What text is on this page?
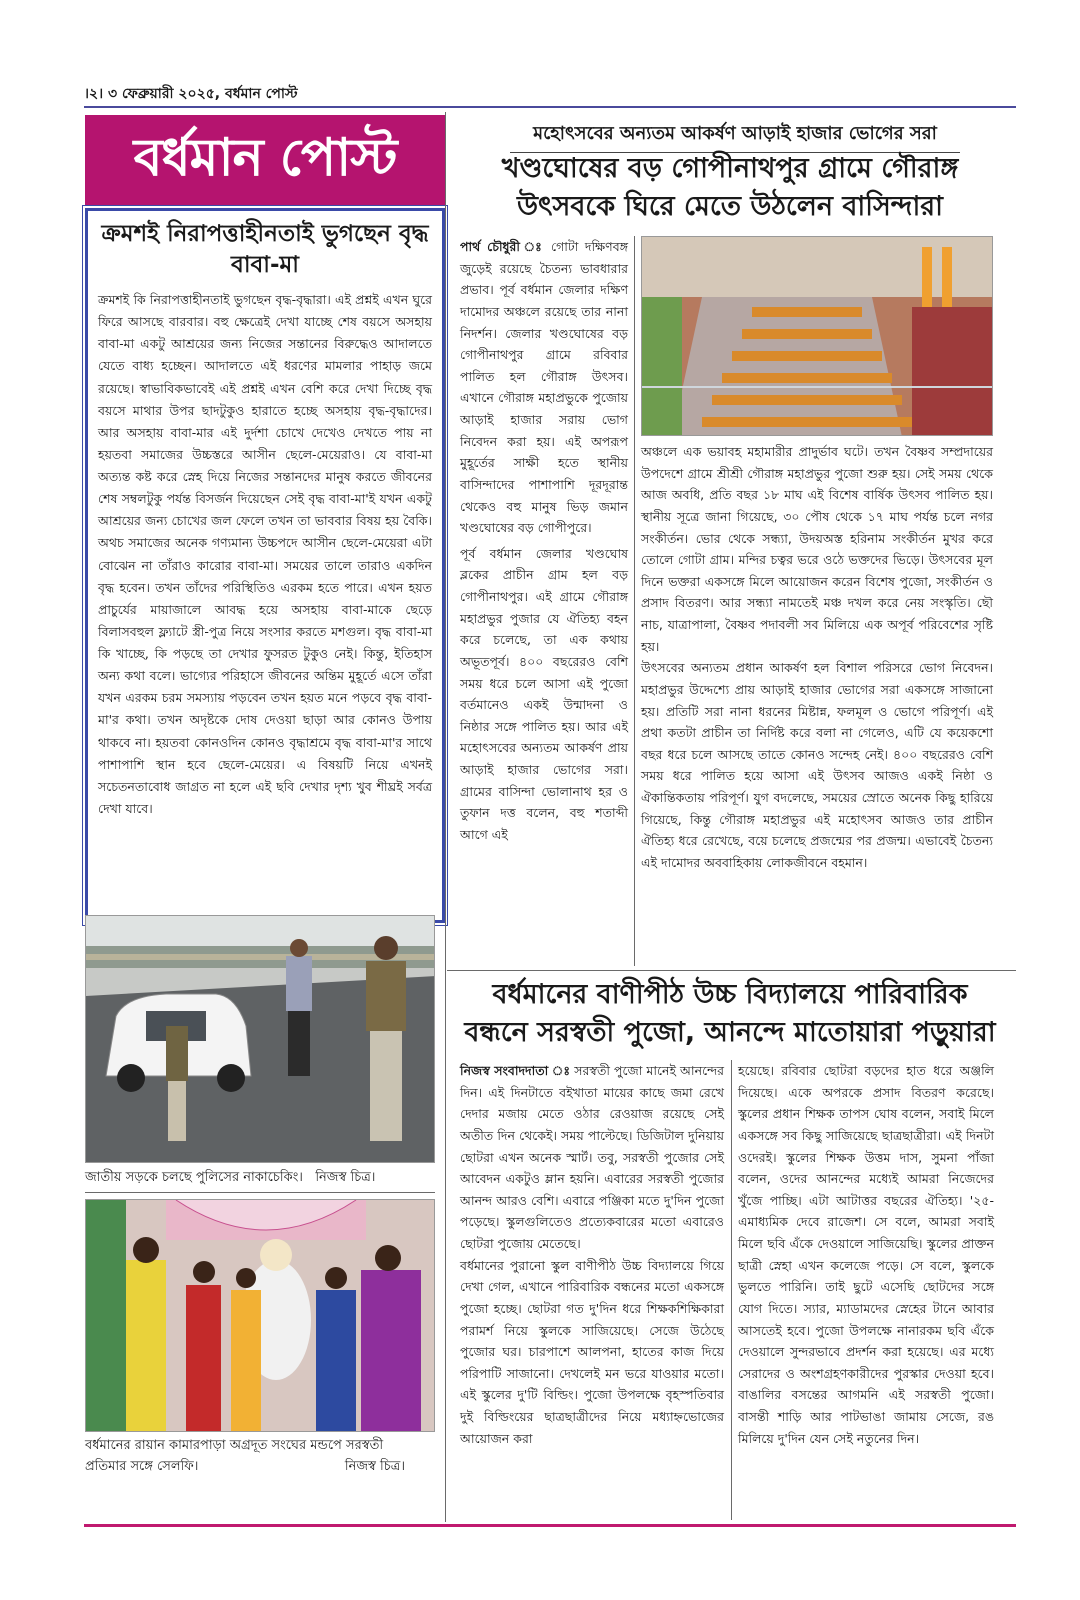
।২। ৩ ফেব্রুয়ারী ২০২৫, বর্ধমান পোস্ট
বর্ধমান পোস্ট
ক্রমশই নিরাপত্তাহীনতাই ভুগছেন বৃদ্ধ বাবা-মা

ক্রমশই কি নিরাপত্তাহীনতাই ভুগছেন বৃদ্ধ-বৃদ্ধারা। এই প্রশ্নই এখন ঘুরে ফিরে আসছে বারবার। বহু ক্ষেত্রেই দেখা যাচ্ছে শেষ বয়সে অসহায় বাবা-মা একটু আশ্রয়ের জন্য নিজের সন্তানের বিরুদ্ধেও আদালতে যেতে বাধ্য হচ্ছেন। আদালতে এই ধরণের মামলার পাহাড় জমে রয়েছে। স্বাভাবিকভাবেই এই প্রশ্নই এখন বেশি করে দেখা দিচ্ছে বৃদ্ধ বয়সে মাথার উপর ছাদটুকুও হারাতে হচ্ছে অসহায় বৃদ্ধ-বৃদ্ধাদের। আর অসহায় বাবা-মার এই দুর্দশা চোখে দেখেও দেখতে পায় না হয়তবা সমাজের উচ্চস্তরে আসীন ছেলে-মেয়েরাও। যে বাবা-মা অত্যন্ত কষ্ট করে স্নেহ দিয়ে নিজের সন্তানদের মানুষ করতে জীবনের শেষ সম্বলটুকু পর্যন্ত বিসর্জন দিয়েছেন সেই বৃদ্ধ বাবা-মা'ই যখন একটু আশ্রয়ের জন্য চোখের জল ফেলে তখন তা ভাববার বিষয় হয় বৈকি। অথচ সমাজের অনেক গণ্যমান্য উচ্চপদে আসীন ছেলে-মেয়েরা এটা বোঝেন না তাঁরাও কারোর বাবা-মা। সময়ের তালে তারাও একদিন বৃদ্ধ হবেন। তখন তাঁদের পরিস্থিতিও এরকম হতে পারে। এখন হয়ত প্রাচুর্যের মায়াজালে আবদ্ধ হয়ে অসহায় বাবা-মাকে ছেড়ে বিলাসবহুল ফ্ল্যাটে স্ত্রী-পুত্র নিয়ে সংসার করতে মশগুল। বৃদ্ধ বাবা-মা কি খাচ্ছে, কি পড়ছে তা দেখার ফুসরত টুকুও নেই। কিন্তু, ইতিহাস অন্য কথা বলে। ভাগ্যের পরিহাসে জীবনের অন্তিম মুহূর্তে এসে তাঁরা যখন এরকম চরম সমস্যায় পড়বেন তখন হয়ত মনে পড়বে বৃদ্ধ বাবা-মা'র কথা। তখন অদৃষ্টকে দোষ দেওয়া ছাড়া আর কোনও উপায় থাকবে না। হয়তবা কোনওদিন কোনও বৃদ্ধাশ্রমে বৃদ্ধ বাবা-মা'র সাথে পাশাপাশি স্থান হবে ছেলে-মেয়ের। এ বিষয়টি নিয়ে এখনই সচেতনতাবোধ জাগ্রত না হলে এই ছবি দেখার দৃশ্য খুব শীঘ্রই সর্বত্র দেখা যাবে।

জাতীয় সড়কে চলছে পুলিসের নাকাচেকিং।   নিজস্ব চিত্র।
বর্ধমানের রায়ান কামারপাড়া অগ্রদূত সংঘের মন্ডপে সরস্বতী
প্রতিমার সঙ্গে সেলফি।	নিজস্ব চিত্র।
মহোৎসবের অন্যতম আকর্ষণ আড়াই হাজার ভোগের সরা
খণ্ডঘোষের বড় গোপীনাথপুর গ্রামে গৌরাঙ্গ
উৎসবকে ঘিরে মেতে উঠলেন বাসিন্দারা
পার্থ চৌধুরী ঃ গোটা দক্ষিণবঙ্গ জুড়েই রয়েছে চৈতন্য ভাবধারার প্রভাব। পূর্ব বর্ধমান জেলার দক্ষিণ দামোদর অঞ্চলে রয়েছে তার নানা নিদর্শন। জেলার খণ্ডঘোষের বড় গোপীনাথপুর গ্রামে রবিবার পালিত হল গৌরাঙ্গ উৎসব। এখানে গৌরাঙ্গ মহাপ্রভুকে পুজোয় আড়াই হাজার সরায় ভোগ নিবেদন করা হয়। এই অপরূপ মুহূর্তের সাক্ষী হতে স্থানীয় বাসিন্দাদের পাশাপাশি দূরদূরান্ত থেকেও বহু মানুষ ভিড় জমান খণ্ডঘোষের বড় গোপীপুরে।
পূর্ব বর্ধমান জেলার খণ্ডঘোষ ব্লকের প্রাচীন গ্রাম হল বড় গোপীনাথপুর। এই গ্রামে গৌরাঙ্গ মহাপ্রভুর পুজার যে ঐতিহ্য বহন করে চলেছে, তা এক কথায় অভূতপূর্ব। ৪০০ বছরেরও বেশি সময় ধরে চলে আসা এই পুজো বর্তমানেও একই উন্মাদনা ও নিষ্ঠার সঙ্গে পালিত হয়। আর এই মহোৎসবের অন্যতম আকর্ষণ প্রায় আড়াই হাজার ভোগের সরা। গ্রামের বাসিন্দা ভোলানাথ হর ও তুফান দত্ত বলেন, বহু শতাব্দী আগে এই
অঞ্চলে এক ভয়াবহ মহামারীর প্রাদুর্ভাব ঘটে। তখন বৈষ্ণব সম্প্রদায়ের উপদেশে গ্রামে শ্রীশ্রী গৌরাঙ্গ মহাপ্রভুর পুজো শুরু হয়। সেই সময় থেকে আজ অবধি, প্রতি বছর ১৮ মাঘ এই বিশেষ বার্ষিক উৎসব পালিত হয়। স্থানীয় সূত্রে জানা গিয়েছে, ৩০ পৌষ থেকে ১৭ মাঘ পর্যন্ত চলে নগর সংকীর্তন। ভোর থেকে সন্ধ্যা, উদয়অস্ত হরিনাম সংকীর্তন মুখর করে তোলে গোটা গ্রাম। মন্দির চত্বর ভরে ওঠে ভক্তদের ভিড়ে। উৎসবের মূল দিনে ভক্তরা একসঙ্গে মিলে আয়োজন করেন বিশেষ পুজো, সংকীর্তন ও প্রসাদ বিতরণ। আর সন্ধ্যা নামতেই মঞ্চ দখল করে নেয় সংস্কৃতি। ছৌ নাচ, যাত্রাপালা, বৈষ্ণব পদাবলী সব মিলিয়ে এক অপূর্ব পরিবেশের সৃষ্টি হয়।
উৎসবের অন্যতম প্রধান আকর্ষণ হল বিশাল পরিসরে ভোগ নিবেদন। মহাপ্রভুর উদ্দেশ্যে প্রায় আড়াই হাজার ভোগের সরা একসঙ্গে সাজানো হয়। প্রতিটি সরা নানা ধরনের মিষ্টান্ন, ফলমূল ও ভোগে পরিপূর্ণ। এই প্রথা কতটা প্রাচীন তা নির্দিষ্ট করে বলা না গেলেও, এটি যে কয়েকশো বছর ধরে চলে আসছে তাতে কোনও সন্দেহ নেই। ৪০০ বছরেরও বেশি সময় ধরে পালিত হয়ে আসা এই উৎসব আজও একই নিষ্ঠা ও ঐকান্তিকতায় পরিপূর্ণ। যুগ বদলেছে, সময়ের স্রোতে অনেক কিছু হারিয়ে গিয়েছে, কিন্তু গৌরাঙ্গ মহাপ্রভুর এই মহোৎসব আজও তার প্রাচীন ঐতিহ্য ধরে রেখেছে, বয়ে চলেছে প্রজন্মের পর প্রজন্ম। এভাবেই চৈতন্য এই দামোদর অববাহিকায় লোকজীবনে বহমান।
বর্ধমানের বাণীপীঠ উচ্চ বিদ্যালয়ে পারিবারিক
বন্ধনে সরস্বতী পুজো, আনন্দে মাতোয়ারা পড়ুয়ারা
নিজস্ব সংবাদদাতা ঃ সরস্বতী পুজো মানেই আনন্দের দিন। এই দিনটাতে বইখাতা মায়ের কাছে জমা রেখে দেদার মজায় মেতে ওঠার রেওয়াজ রয়েছে সেই অতীত দিন থেকেই। সময় পাল্টেছে। ডিজিটাল দুনিয়ায় ছোটরা এখন অনেক স্মার্ট। তবু, সরস্বতী পুজোর সেই আবেদন একটুও ম্লান হয়নি। এবারের সরস্বতী পুজোর আনন্দ আরও বেশি। এবারে পঞ্জিকা মতে দু'দিন পুজো পড়েছে। স্কুলগুলিতেও প্রত্যেকবারের মতো এবারেও ছোটরা পুজোয় মেতেছে।
বর্ধমানের পুরানো স্কুল বাণীপীঠ উচ্চ বিদ্যালয়ে গিয়ে দেখা গেল, এখানে পারিবারিক বন্ধনের মতো একসঙ্গে পুজো হচ্ছে। ছোটরা গত দু'দিন ধরে শিক্ষকশিক্ষিকারা পরামর্শ নিয়ে স্কুলকে সাজিয়েছে। সেজে উঠেছে পুজোর ঘর। চারপাশে আলপনা, হাতের কাজ দিয়ে পরিপাটি সাজানো। দেখলেই মন ভরে যাওয়ার মতো। এই স্কুলের দু'টি বিল্ডিং। পুজো উপলক্ষে বৃহস্পতিবার দুই বিল্ডিংয়ের ছাত্রছাত্রীদের নিয়ে মধ্যাহ্নভোজের আয়োজন করা
হয়েছে। রবিবার ছোটরা বড়দের হাত ধরে অঞ্জলি দিয়েছে। একে অপরকে প্রসাদ বিতরণ করেছে। স্কুলের প্রধান শিক্ষক তাপস ঘোষ বলেন, সবাই মিলে একসঙ্গে সব কিছু সাজিয়েছে ছাত্রছাত্রীরা। এই দিনটা ওদেরই। স্কুলের শিক্ষক উত্তম দাস, সুমনা পাঁজা বলেন, ওদের আনন্দের মধ্যেই আমরা নিজেদের খুঁজে পাচ্ছি। এটা আটাত্তর বছরের ঐতিহ্য। '২৫-এমাধ্যমিক দেবে রাজেশ। সে বলে, আমরা সবাই মিলে ছবি এঁকে দেওয়ালে সাজিয়েছি। স্কুলের প্রাক্তন ছাত্রী স্নেহা এখন কলেজে পড়ে। সে বলে, স্কুলকে ভুলতে পারিনি। তাই ছুটে এসেছি ছোটদের সঙ্গে যোগ দিতে। স্যার, ম্যাডামদের স্নেহের টানে আবার আসতেই হবে। পুজো উপলক্ষে নানারকম ছবি এঁকে দেওয়ালে সুন্দরভাবে প্রদর্শন করা হয়েছে। এর মধ্যে সেরাদের ও অংশগ্রহণকারীদের পুরস্কার দেওয়া হবে। বাঙালির বসন্তের আগমনি এই সরস্বতী পুজো। বাসন্তী শাড়ি আর পাটভাঙা জামায় সেজে, রঙ মিলিয়ে দু'দিন যেন সেই নতুনের দিন।
